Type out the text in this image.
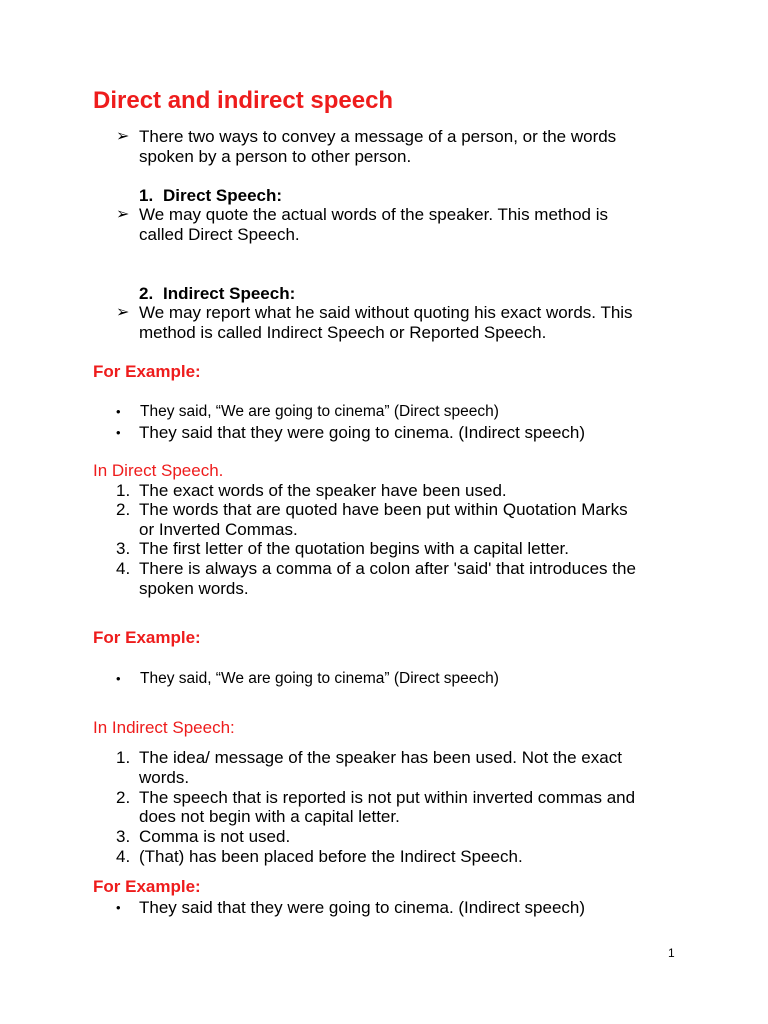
Direct and indirect speech
➢ There two ways to convey a message of a person, or the words
spoken by a person to other person.
1. Direct Speech:
➢ We may quote the actual words of the speaker. This method is
called Direct Speech.
2. Indirect Speech:
➢ We may report what he said without quoting his exact words. This
method is called Indirect Speech or Reported Speech.
For Example:
• They said, “We are going to cinema” (Direct speech)
• They said that they were going to cinema. (Indirect speech)
In Direct Speech.
1. The exact words of the speaker have been used.
2. The words that are quoted have been put within Quotation Marks
or Inverted Commas.
3. The first letter of the quotation begins with a capital letter.
4. There is always a comma of a colon after 'said' that introduces the
spoken words.
For Example:
• They said, “We are going to cinema” (Direct speech)
In Indirect Speech:
1. The idea/ message of the speaker has been used. Not the exact
words.
2. The speech that is reported is not put within inverted commas and
does not begin with a capital letter.
3. Comma is not used.
4. (That) has been placed before the Indirect Speech.
For Example:
• They said that they were going to cinema. (Indirect speech)
1
